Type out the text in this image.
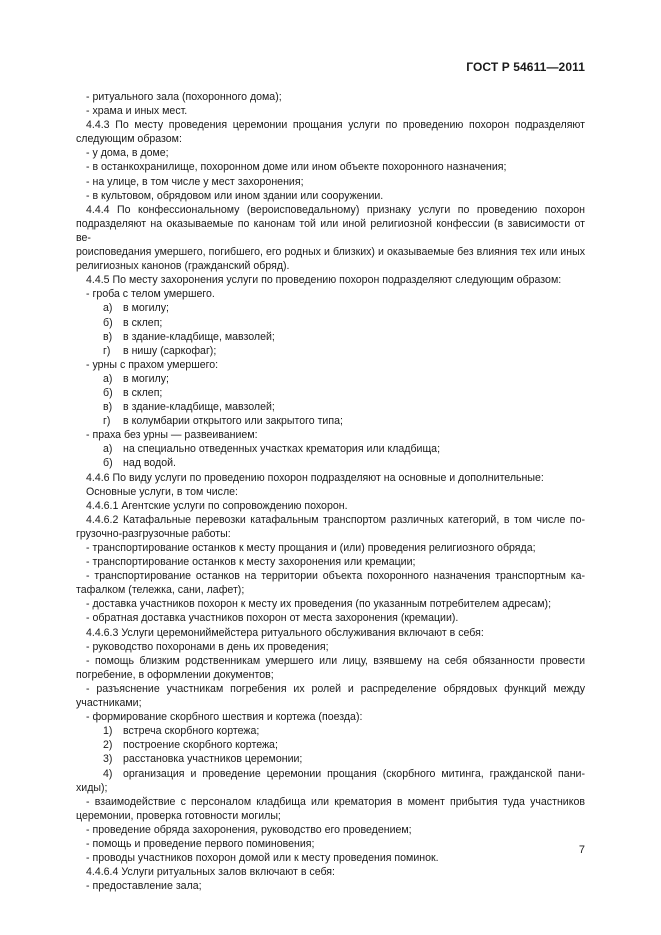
ГОСТ Р 54611—2011
- ритуального зала (похоронного дома);
- храма и иных мест.
4.4.3 По месту проведения церемонии прощания услуги по проведению похорон подразделяют
следующим образом:
- у дома, в доме;
- в останкохранилище, похоронном доме или ином объекте похоронного назначения;
- на улице, в том числе у мест захоронения;
- в культовом, обрядовом или ином здании или сооружении.
4.4.4 По конфессиональному (вероисповедальному) признаку услуги по проведению похорон
подразделяют на оказываемые по канонам той или иной религиозной конфессии (в зависимости от ве-
роисповедания умершего, погибшего, его родных и близких) и оказываемые без влияния тех или иных
религиозных канонов (гражданский обряд).
4.4.5 По месту захоронения услуги по проведению похорон подразделяют следующим образом:
- гроба с телом умершего.
а) в могилу;
б) в склеп;
в) в здание-кладбище, мавзолей;
г) в нишу (саркофаг);
- урны с прахом умершего:
а) в могилу;
б) в склеп;
в) в здание-кладбище, мавзолей;
г) в колумбарии открытого или закрытого типа;
- праха без урны — развеиванием:
а) на специально отведенных участках крематория или кладбища;
б) над водой.
4.4.6 По виду услуги по проведению похорон подразделяют на основные и дополнительные:
Основные услуги, в том числе:
4.4.6.1 Агентские услуги по сопровождению похорон.
4.4.6.2 Катафальные перевозки катафальным транспортом различных категорий, в том числе по-
грузочно-разгрузочные работы:
- транспортирование останков к месту прощания и (или) проведения религиозного обряда;
- транспортирование останков к месту захоронения или кремации;
- транспортирование останков на территории объекта похоронного назначения транспортным ка-
тафалком (тележка, сани, лафет);
- доставка участников похорон к месту их проведения (по указанным потребителем адресам);
- обратная доставка участников похорон от места захоронения (кремации).
4.4.6.3 Услуги церемониймейстера ритуального обслуживания включают в себя:
- руководство похоронами в день их проведения;
- помощь близким родственникам умершего или лицу, взявшему на себя обязанности провести
погребение, в оформлении документов;
- разъяснение участникам погребения их ролей и распределение обрядовых функций между
участниками;
- формирование скорбного шествия и кортежа (поезда):
1) встреча скорбного кортежа;
2) построение скорбного кортежа;
3) расстановка участников церемонии;
4) организация и проведение церемонии прощания (скорбного митинга, гражданской пани-
хиды);
- взаимодействие с персоналом кладбища или крематория в момент прибытия туда участников
церемонии, проверка готовности могилы;
- проведение обряда захоронения, руководство его проведением;
- помощь и проведение первого поминовения;
- проводы участников похорон домой или к месту проведения поминок.
4.4.6.4 Услуги ритуальных залов включают в себя:
- предоставление зала;
7
